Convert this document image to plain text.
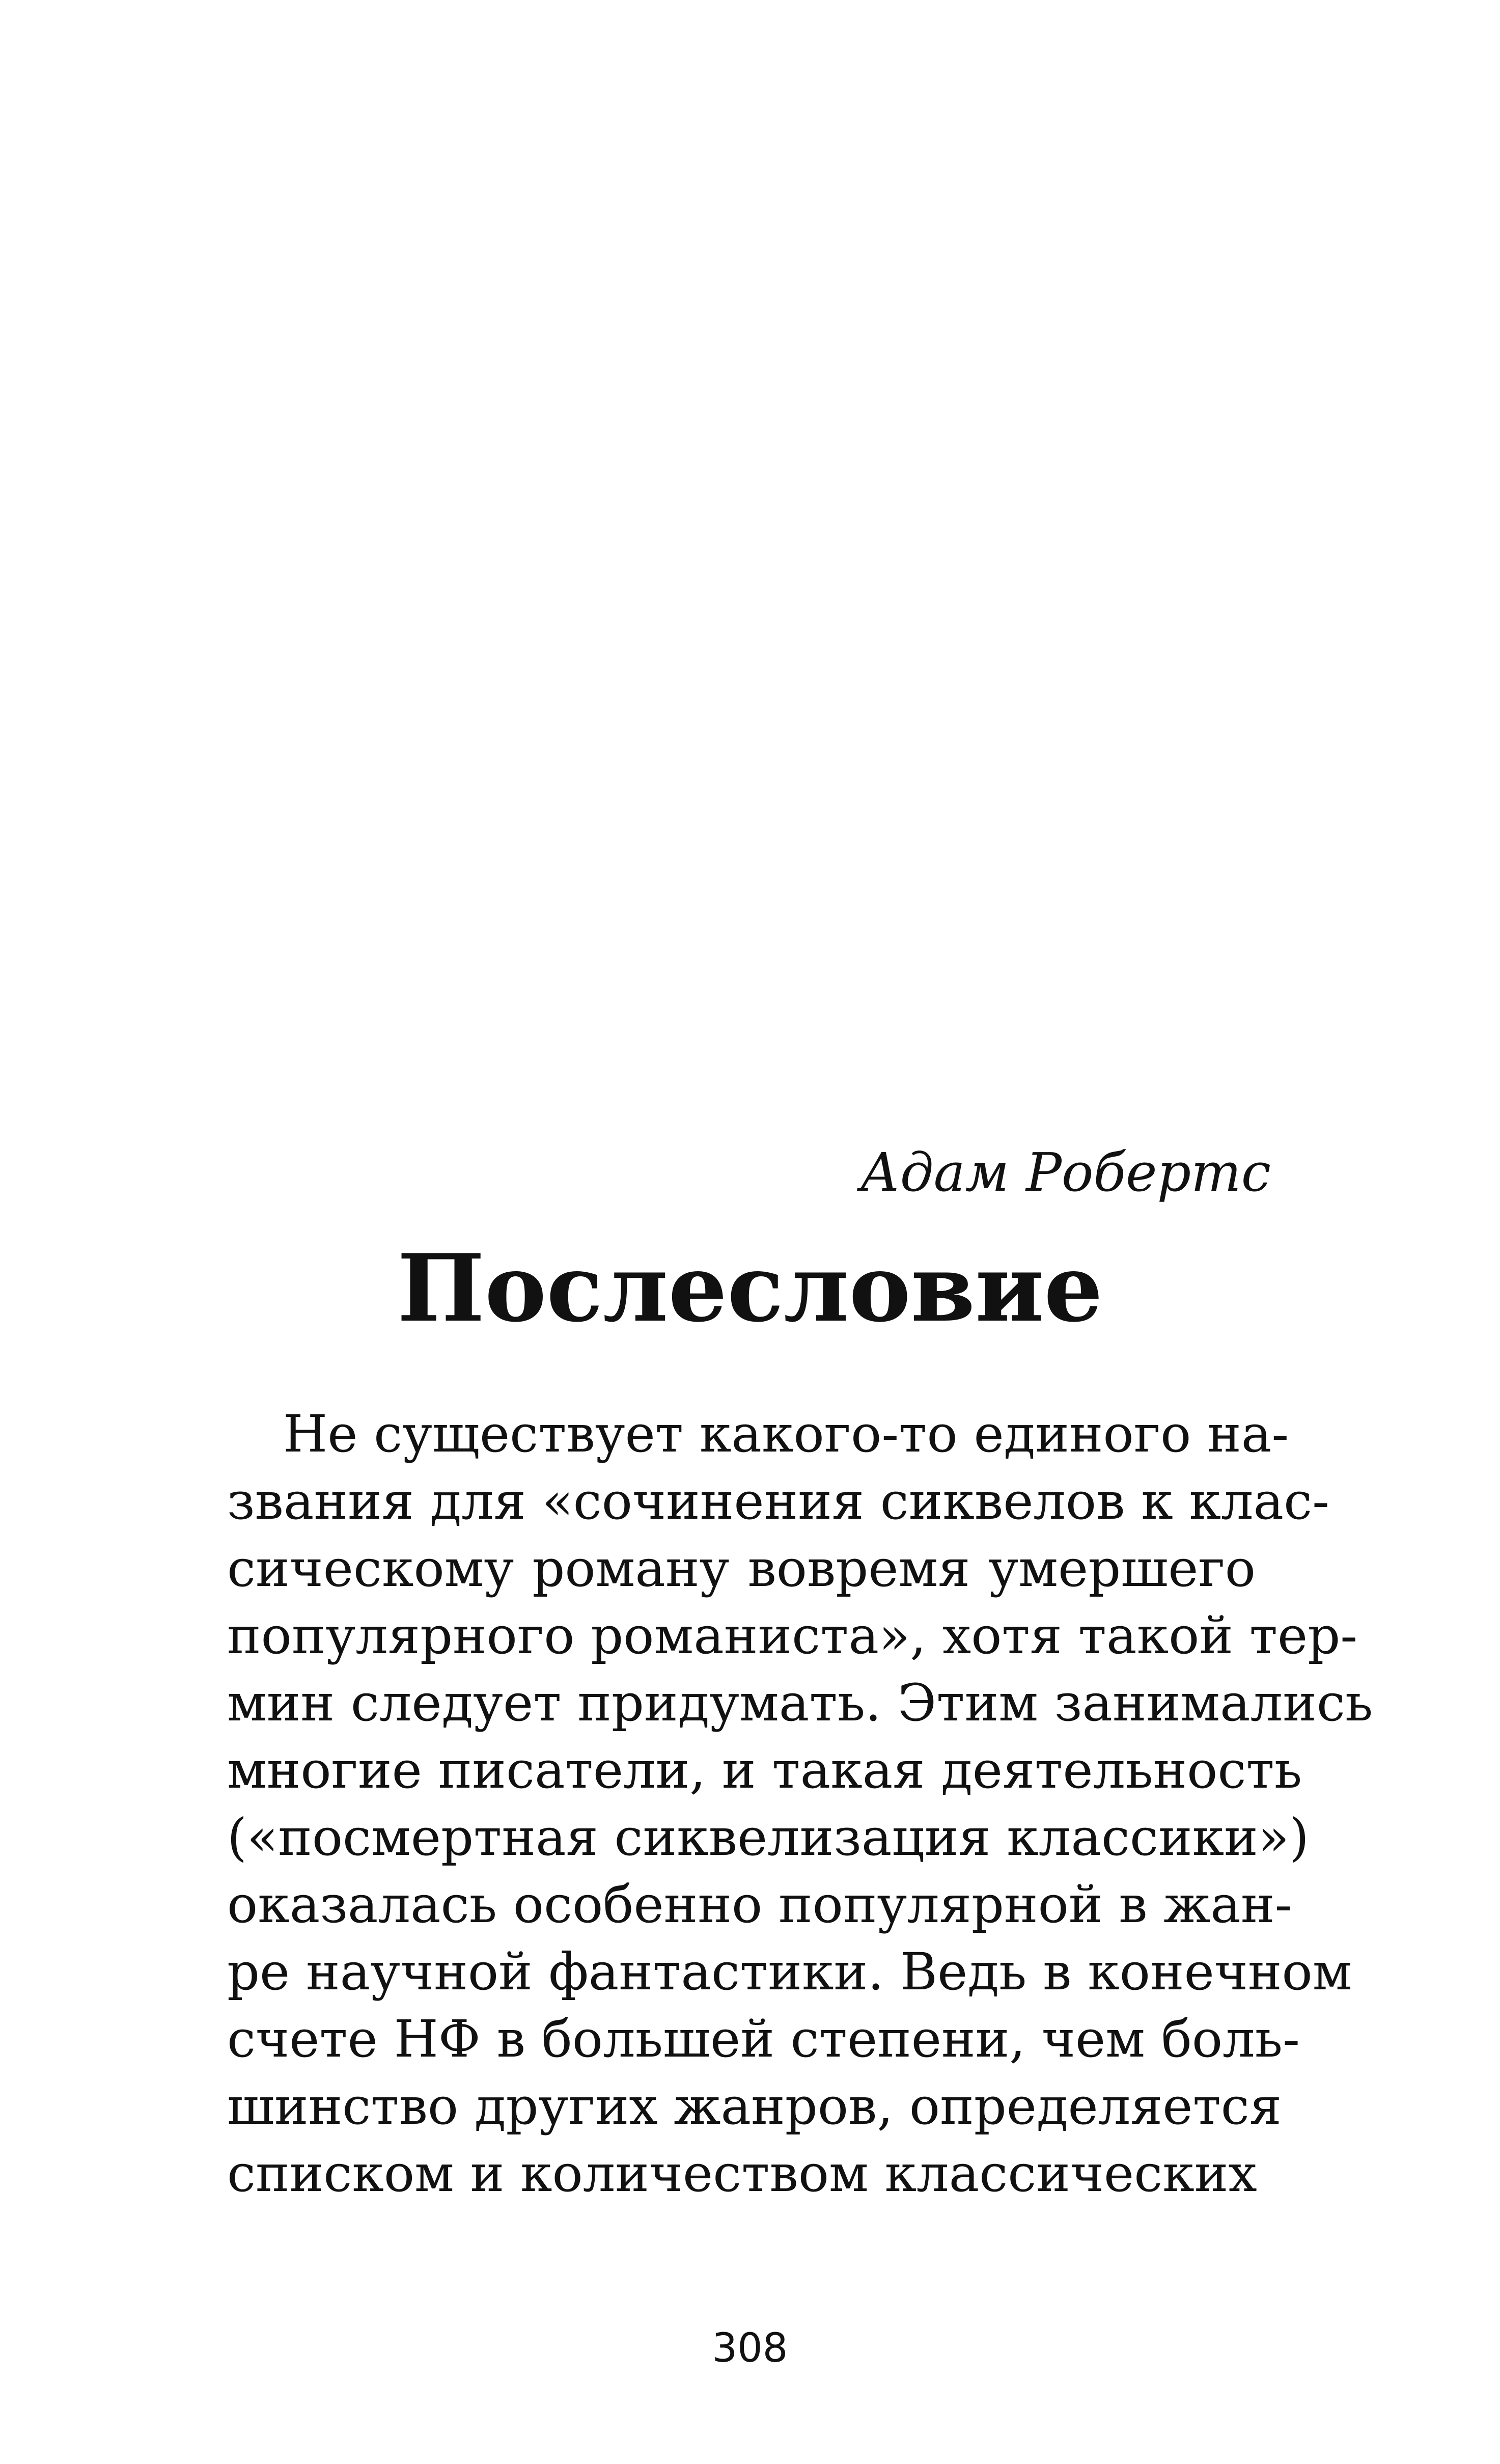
Адам Робертс
Послесловие
Не существует какого-то единого на-
звания для «сочинения сиквелов к клас-
сическому роману вовремя умершего
популярного романиста», хотя такой тер-
мин следует придумать. Этим занимались
многие писатели, и такая деятельность
(«посмертная сиквелизация классики»)
оказалась особенно популярной в жан-
ре научной фантастики. Ведь в конечном
счете НФ в большей степени, чем боль-
шинство других жанров, определяется
списком и количеством классических
308
